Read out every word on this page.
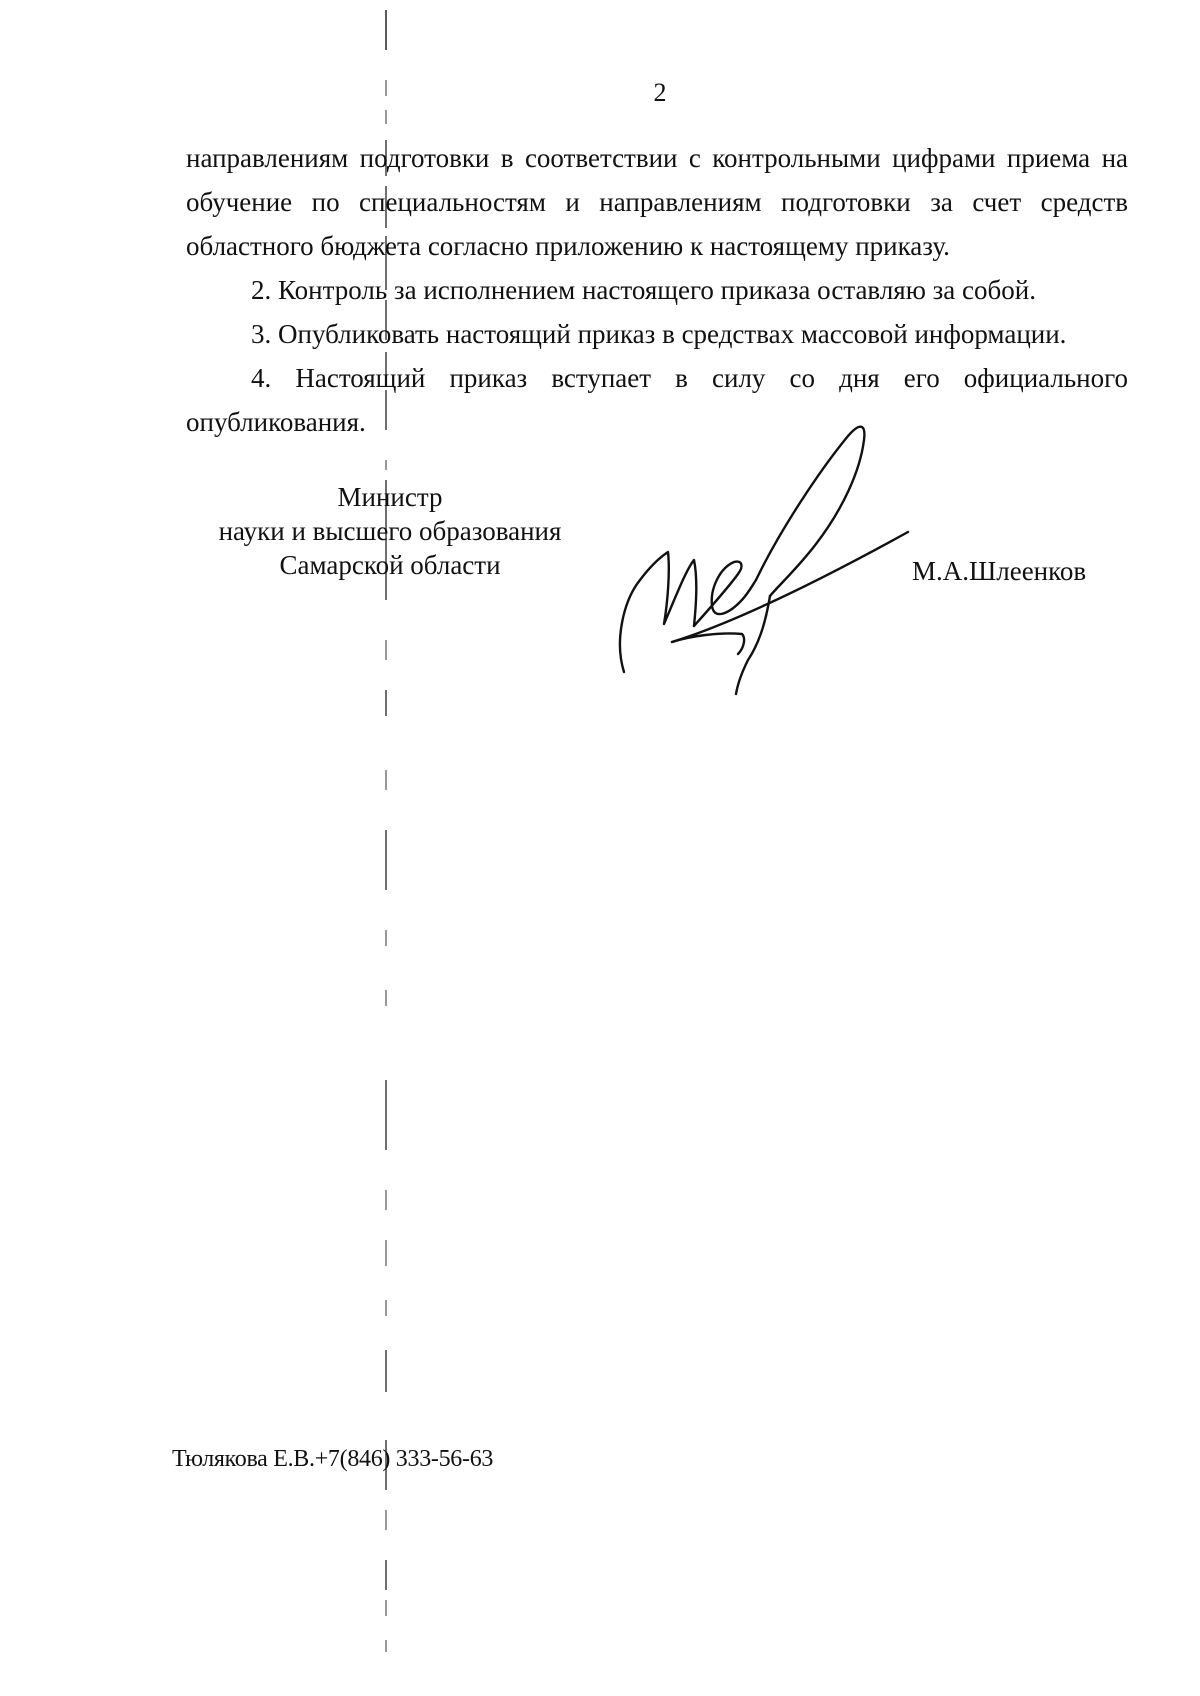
2

направлениям подготовки в соответствии с контрольными цифрами приема на обучение по специальностям и направлениям подготовки за счет средств областного бюджета согласно приложению к настоящему приказу.

2. Контроль за исполнением настоящего приказа оставляю за собой.

3. Опубликовать настоящий приказ в средствах массовой информации.

4. Настоящий приказ вступает в силу со дня его официального опубликования.

Министр
науки и высшего образования
Самарской области	М.А.Шлеенков
Тюлякова Е.В.+7(846) 333-56-63
